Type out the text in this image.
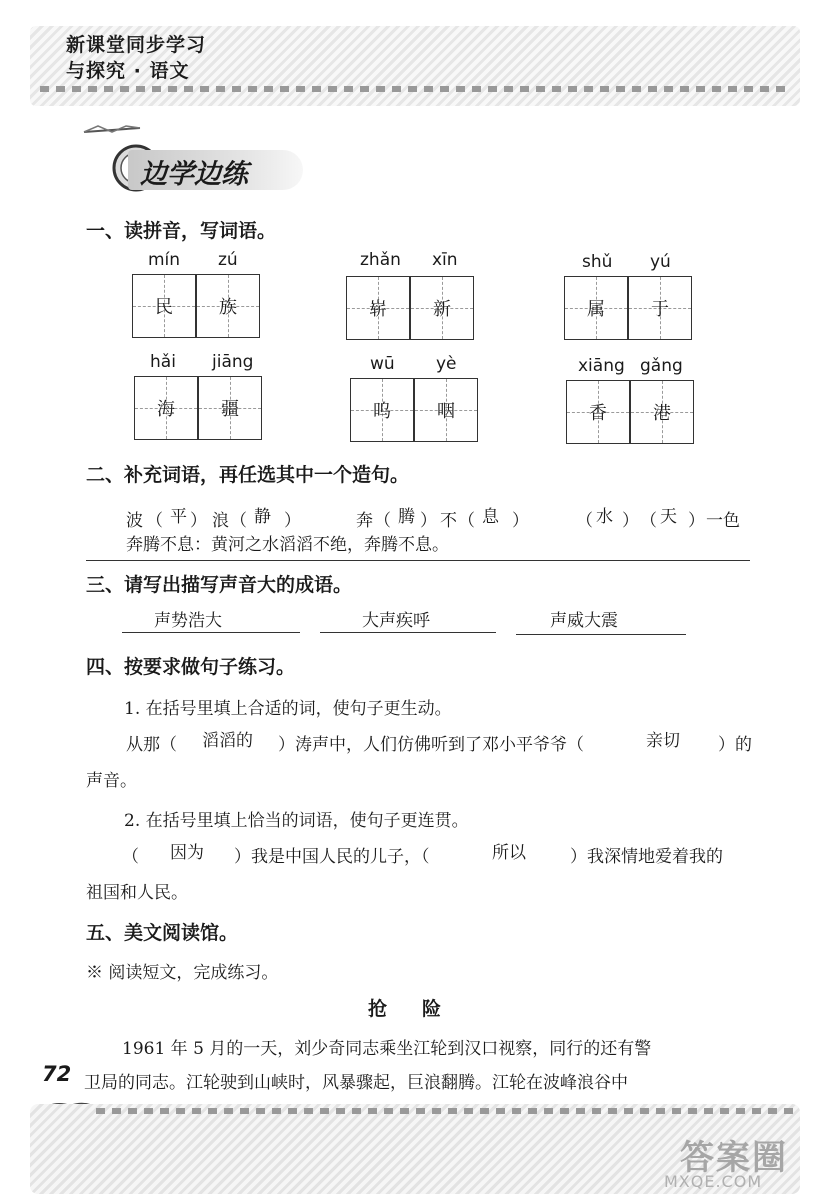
新课堂同步学习
与探究 · 语文
边学边练
一、读拼音，写词语。
mín zú
民	族
zhǎn xīn
崭	新
shǔ yú
属	于
hǎi jiāng
海	疆
wū yè
呜	咽
xiāng gǎng
香	港
二、补充词语，再任选其中一个造句。
波 （ 平 ） 浪 （ 静 ）	奔 （ 腾 ） 不 （ 息 ）	（ 水 ） （ 天 ） 一色
奔腾不息：黄河之水滔滔不绝，奔腾不息。
三、请写出描写声音大的成语。
声势浩大	大声疾呼	声威大震
四、按要求做句子练习。
1. 在括号里填上合适的词，使句子更生动。
从那（ 滔滔的 ）涛声中，人们仿佛听到了邓小平爷爷（	亲切 ）的
声音。
2. 在括号里填上恰当的词语，使句子更连贯。
（ 因为 ）我是中国人民的儿子，（	所以	）我深情地爱着我的
祖国和人民。
五、美文阅读馆。
※ 阅读短文，完成练习。
抢　险
1961 年 5 月的一天，刘少奇同志乘坐江轮到汉口视察，同行的还有警
卫局的同志。江轮驶到山峡时，风暴骤起，巨浪翻腾。江轮在波峰浪谷中
72
答案圈
MXQE.COM
